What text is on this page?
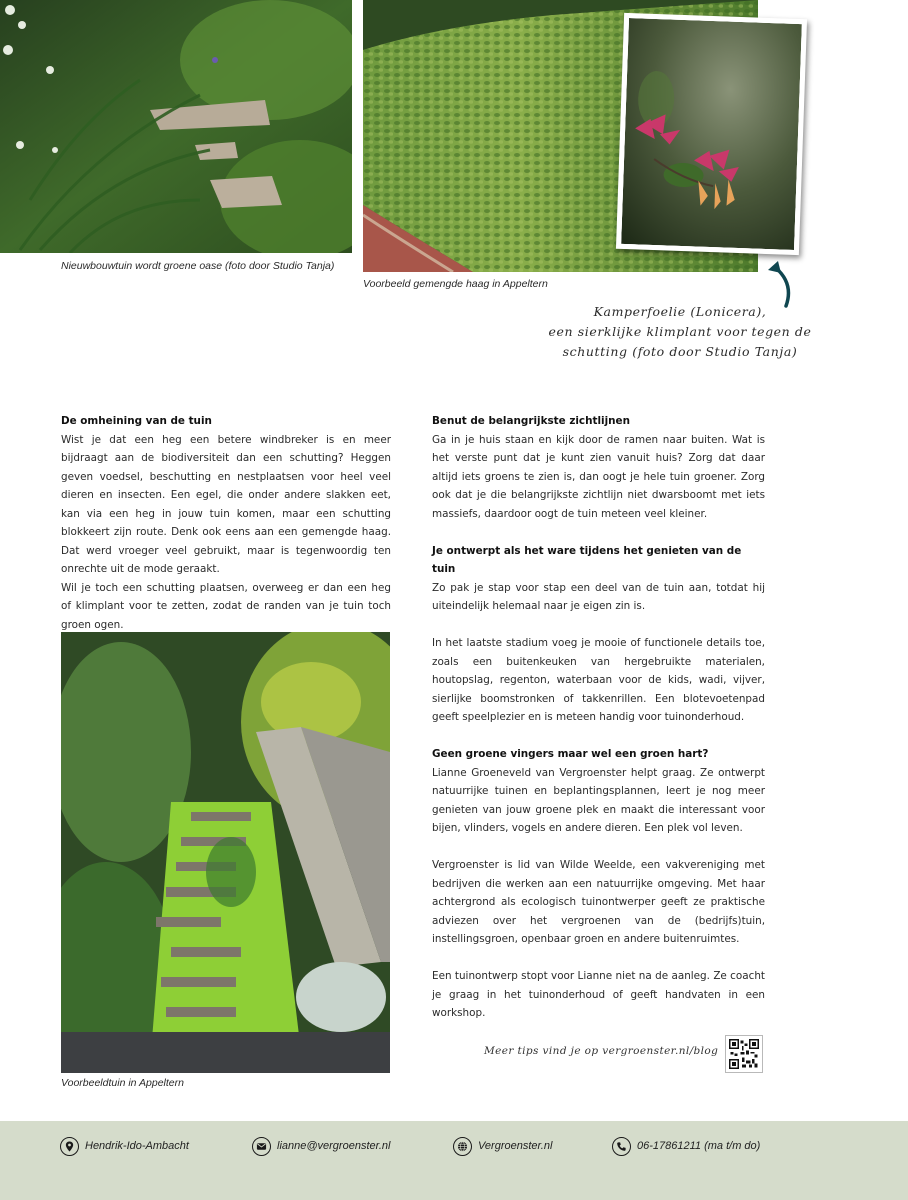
Nieuwbouwtuin wordt groene oase (foto door Studio Tanja)
Voorbeeld gemengde haag in Appeltern
Kamperfoelie (Lonicera),
een sierklijke klimplant voor tegen de
schutting (foto door Studio Tanja)
De omheining van de tuin

Wist je dat een heg een betere windbreker is en meer bijdraagt aan de biodiversiteit dan een schutting? Heggen geven voedsel, beschutting en nestplaatsen voor heel veel dieren en insecten. Een egel, die onder andere slakken eet, kan via een heg in jouw tuin komen, maar een schutting blokkeert zijn route. Denk ook eens aan een gemengde haag. Dat werd vroeger veel gebruikt, maar is tegenwoordig ten onrechte uit de mode geraakt.

Wil je toch een schutting plaatsen, overweeg er dan een heg of klimplant voor te zetten, zodat de randen van je tuin toch groen ogen.

Voorbeeldtuin in Appeltern
Benut de belangrijkste zichtlijnen

Ga in je huis staan en kijk door de ramen naar buiten. Wat is het verste punt dat je kunt zien vanuit huis? Zorg dat daar altijd iets groens te zien is, dan oogt je hele tuin groener. Zorg ook dat je die belangrijkste zichtlijn niet dwarsboomt met iets massiefs, daardoor oogt de tuin meteen veel kleiner.

Je ontwerpt als het ware tijdens het genieten van de tuin

Zo pak je stap voor stap een deel van de tuin aan, totdat hij uiteindelijk helemaal naar je eigen zin is.

In het laatste stadium voeg je mooie of functionele details toe, zoals een buitenkeuken van hergebruikte materialen, houtopslag, regenton, waterbaan voor de kids, wadi, vijver, sierlijke boomstronken of takkenrillen. Een blotevoetenpad geeft speelplezier en is meteen handig voor tuinonderhoud.

Geen groene vingers maar wel een groen hart?

Lianne Groeneveld van Vergroenster helpt graag. Ze ontwerpt natuurrijke tuinen en beplantingsplannen, leert je nog meer genieten van jouw groene plek en maakt die interessant voor bijen, vlinders, vogels en andere dieren. Een plek vol leven.

Vergroenster is lid van Wilde Weelde, een vakvereniging met bedrijven die werken aan een natuurrijke omgeving. Met haar achtergrond als ecologisch tuinontwerper geeft ze praktische adviezen over het vergroenen van de (bedrijfs)tuin, instellingsgroen, openbaar groen en andere buitenruimtes.

Een tuinontwerp stopt voor Lianne niet na de aanleg. Ze coacht je graag in het tuinonderhoud of geeft handvaten in een workshop.

Meer tips vind je op vergroenster.nl/blog
Hendrik-Ido-Ambacht	lianne@vergroenster.nl	Vergroenster.nl	06-17861211 (ma t/m do)
